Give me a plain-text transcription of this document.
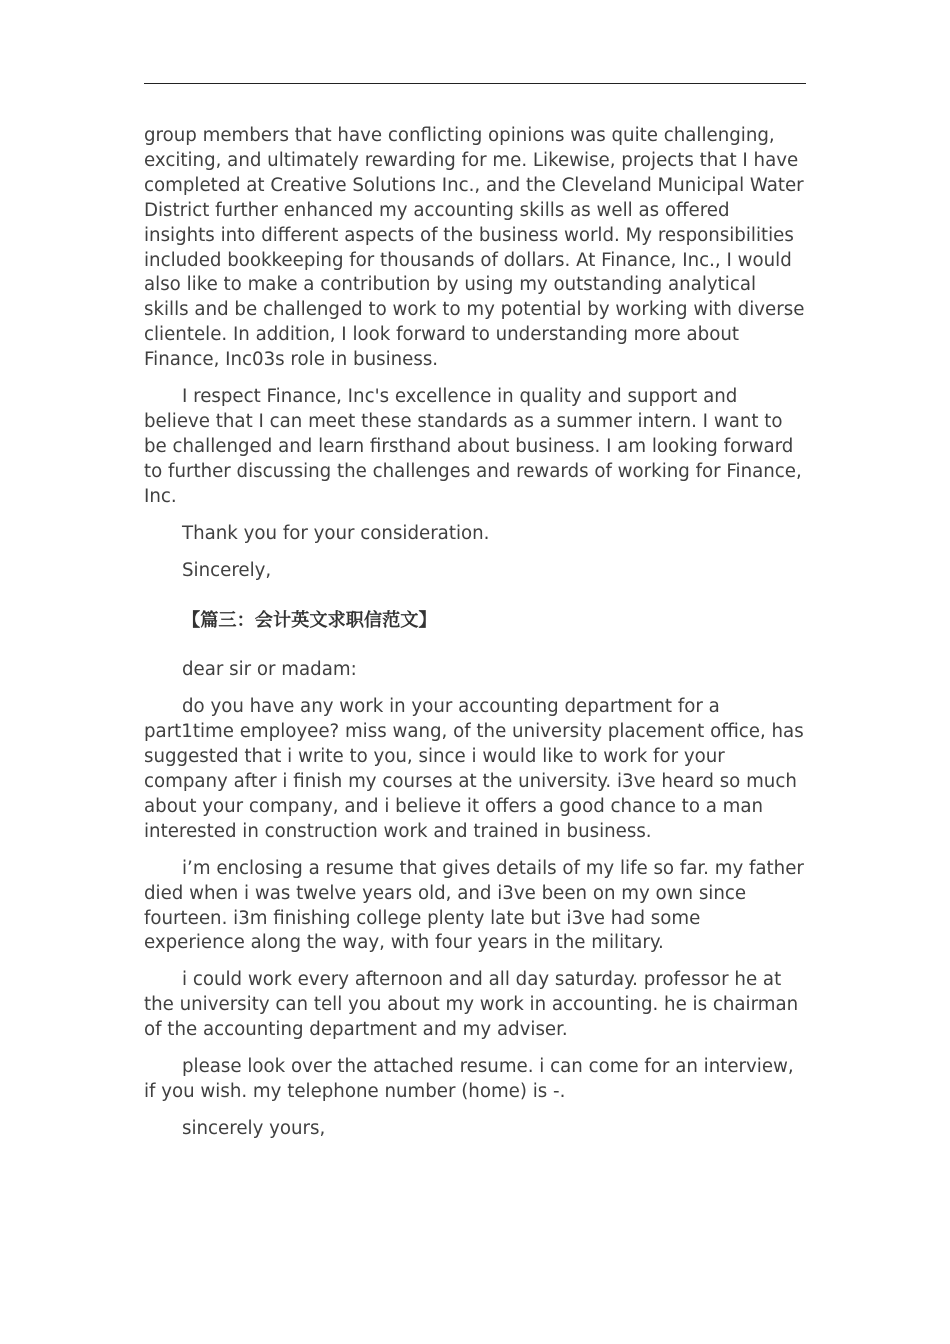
group members that have conflicting opinions was quite challenging, exciting, and ultimately rewarding for me. Likewise, projects that I have completed at Creative Solutions Inc., and the Cleveland Municipal Water District further enhanced my accounting skills as well as offered insights into different aspects of the business world. My responsibilities included bookkeeping for thousands of dollars. At Finance, Inc., I would also like to make a contribution by using my outstanding analytical skills and be challenged to work to my potential by working with diverse clientele. In addition, I look forward to understanding more about Finance, Inc03s role in business.

I respect Finance, Inc's excellence in quality and support and believe that I can meet these standards as a summer intern. I want to be challenged and learn firsthand about business. I am looking forward to further discussing the challenges and rewards of working for Finance, Inc.

Thank you for your consideration.

Sincerely,

【篇三：会计英文求职信范文】

dear sir or madam:

do you have any work in your accounting department for a part1time employee? miss wang, of the university placement office, has suggested that i write to you, since i would like to work for your company after i finish my courses at the university. i3ve heard so much about your company, and i believe it offers a good chance to a man interested in construction work and trained in business.

i’m enclosing a resume that gives details of my life so far. my father died when i was twelve years old, and i3ve been on my own since fourteen. i3m finishing college plenty late but i3ve had some experience along the way, with four years in the military.

i could work every afternoon and all day saturday. professor he at the university can tell you about my work in accounting. he is chairman of the accounting department and my adviser.

please look over the attached resume. i can come for an interview, if you wish. my telephone number (home) is -.

sincerely yours,
